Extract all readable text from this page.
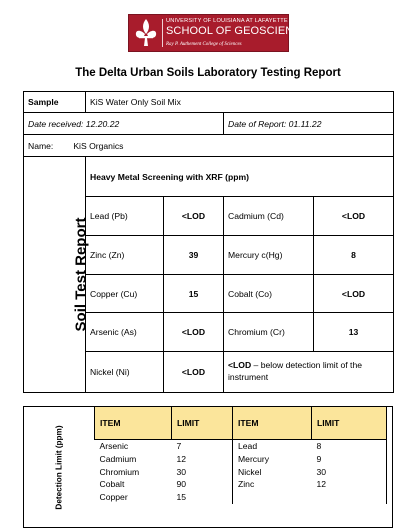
UNIVERSITY OF LOUISIANA AT LAFAYETTE
SCHOOL OF GEOSCIENCES
Ray P. Authement College of Sciences
The Delta Urban Soils Laboratory Testing Report
Sample	KiS Water Only Soil Mix			
Date received: 12.20.22			Date of Report: 01.11.22	
Name: KiS Organics				
Soil Test Report	Heavy Metal Screening with XRF (ppm)			
	Lead (Pb)	<LOD	Cadmium (Cd)	<LOD
	Zinc (Zn)	39	Mercury c(Hg)	8
	Copper (Cu)	15	Cobalt (Co)	<LOD
	Arsenic (As)	<LOD	Chromium (Cr)	13
	Nickel (Ni)	<LOD	<LOD – below detection limit of the instrument	
Detection Limit (ppm)
ITEM	LIMIT	ITEM	LIMIT
Arsenic	7	Lead	8
Cadmium	12	Mercury	9
Chromium	30	Nickel	30
Cobalt	90	Zinc	12
Copper	15		
